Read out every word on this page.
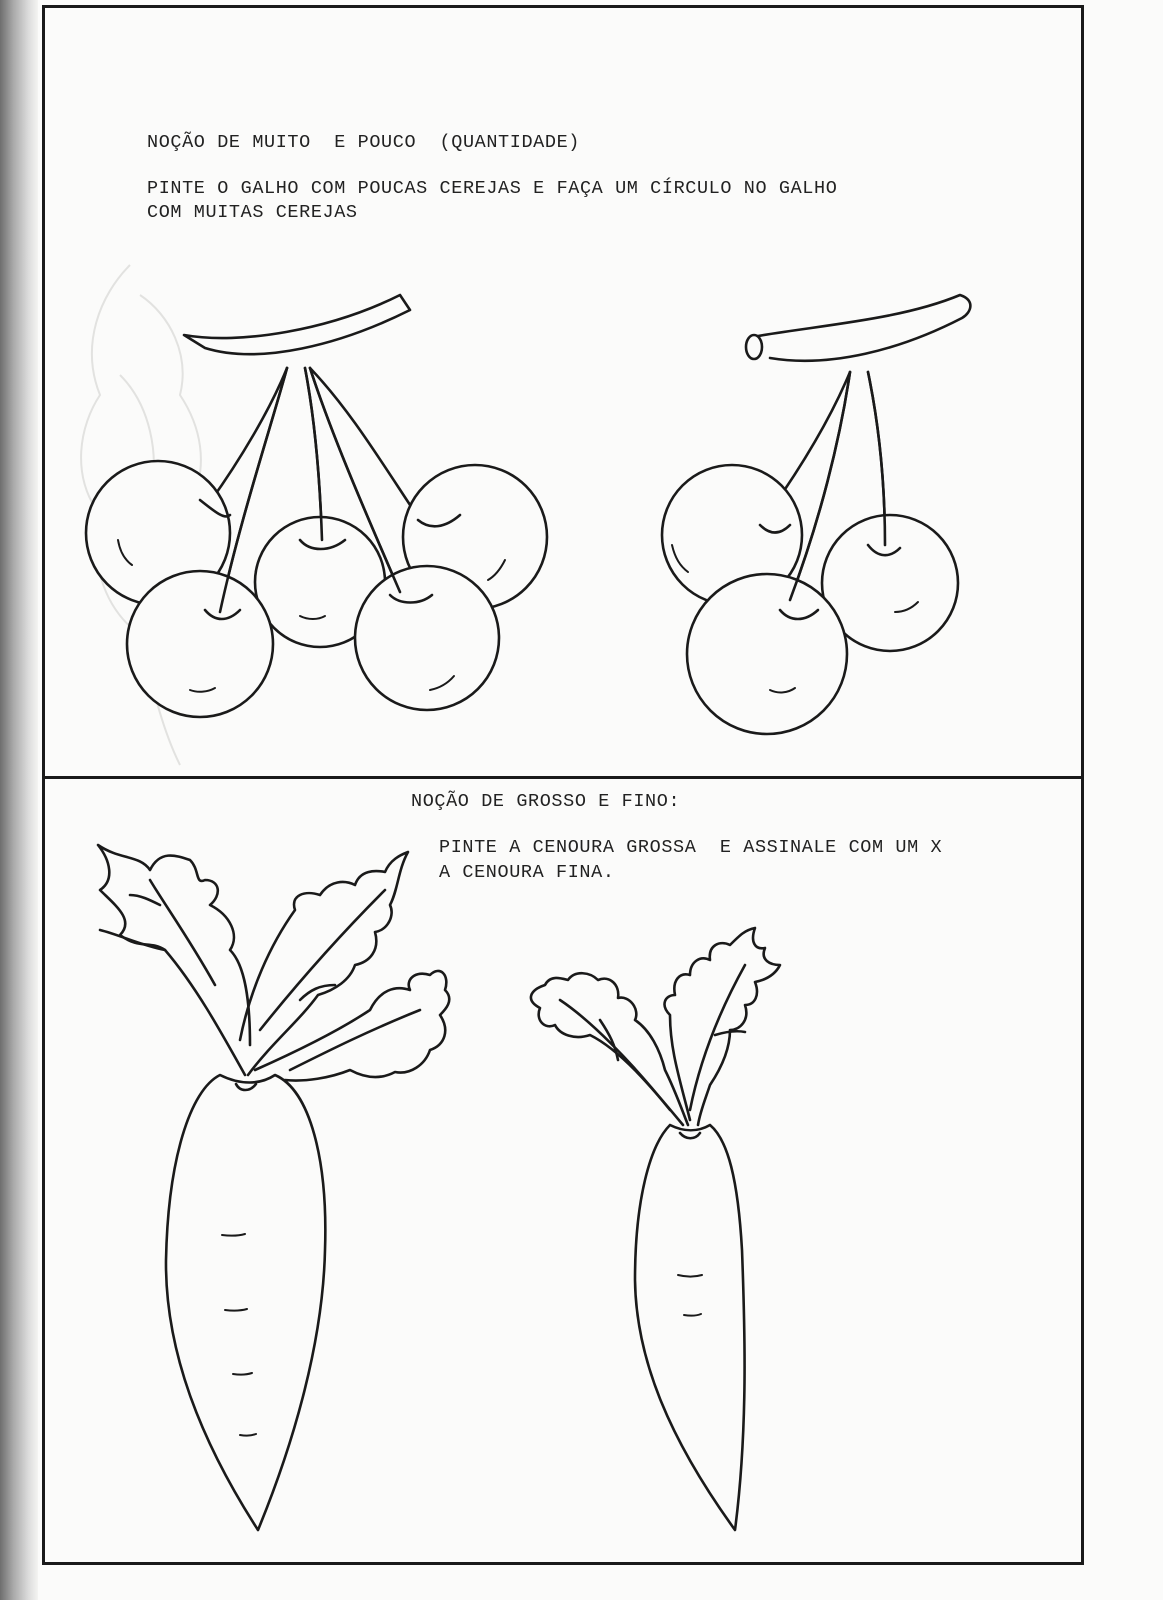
NOÇÃO DE MUITO  E POUCO  (QUANTIDADE)
PINTE O GALHO COM POUCAS CEREJAS E FAÇA UM CÍRCULO NO GALHO
COM MUITAS CEREJAS
NOÇÃO DE GROSSO E FINO:
PINTE A CENOURA GROSSA  E ASSINALE COM UM X
A CENOURA FINA.
